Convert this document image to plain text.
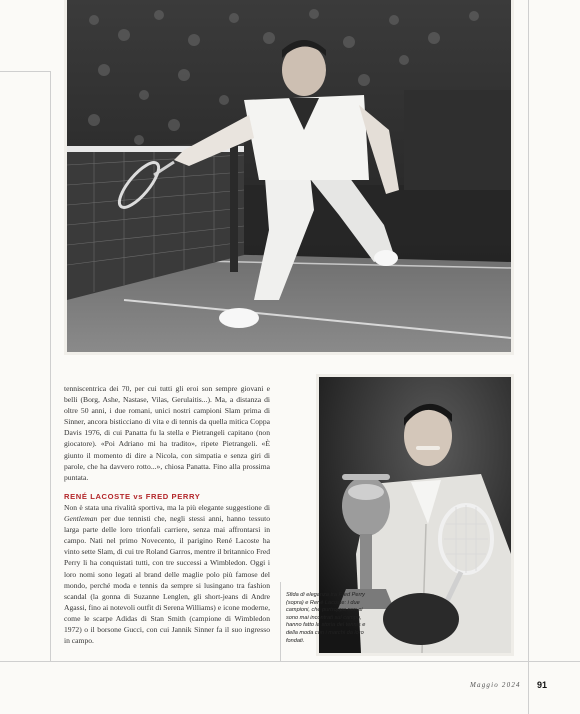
tenniscentrica dei 70, per cui tutti gli eroi son sempre giovani e belli (Borg, Ashe, Nastase, Vilas, Gerulaitis...). Ma, a distanza di oltre 50 anni, i due romani, unici nostri campioni Slam prima di Sinner, ancora bisticciano di vita e di tennis da quella mitica Coppa Davis 1976, di cui Panatta fu la stella e Pietrangeli capitano (non giocatore). «Poi Adriano mi ha tradito», ripete Pietrangeli. «È giunto il momento di dire a Nicola, con simpatia e senza giri di parole, che ha davvero rotto...», chiosa Panatta. Fino alla prossima puntata.

RENÉ LACOSTE vs FRED PERRY

Non è stata una rivalità sportiva, ma la più elegante suggestione di Gentleman per due tennisti che, negli stessi anni, hanno tessuto larga parte delle loro trionfali carriere, senza mai affrontarsi in campo. Nati nel primo Novecento, il parigino René Lacoste ha vinto sette Slam, di cui tre Roland Garros, mentre il britannico Fred Perry li ha conquistati tutti, con tre successi a Wimbledon. Oggi i loro nomi sono legati al brand delle maglie polo più famose del mondo, perché moda e tennis da sempre si lusingano tra fashion scandal (la gonna di Suzanne Lenglen, gli short-jeans di Andre Agassi, fino ai notevoli outfit di Serena Williams) e icone moderne, come le scarpe Adidas di Stan Smith (campione di Wimbledon 1972) o il borsone Gucci, con cui Jannik Sinner fa il suo ingresso in campo.

Sfida di eleganza tra Fred Perry (sopra) e René Lacoste: i due campioni, che purtroppo non si sono mai incontrati sul campo, hanno fatto la storia del tennis e della moda con i marchi da loro fondati.
Maggio 2024 91
